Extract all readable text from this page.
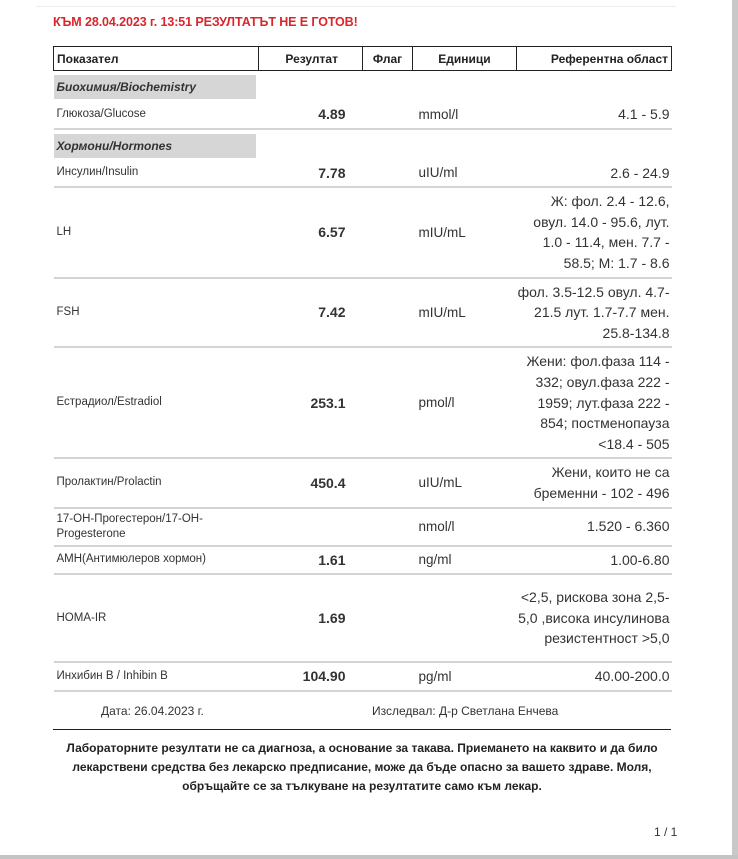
КЪМ 28.04.2023 г. 13:51 РЕЗУЛТАТЪТ НЕ Е ГОТОВ!
Показател	Резултат	Флаг	Единици	Референтна област

Биохимия/Biochemistry				

Глюкоза/Glucose	4.89		mmol/l	4.1 - 5.9

Хормони/Hormones				

Инсулин/Insulin	7.78		uIU/ml	2.6 - 24.9
LH	6.57		mIU/mL	Ж: фол. 2.4 - 12.6, овул. 14.0 - 95.6, лут. 1.0 - 11.4, мен. 7.7 - 58.5; М: 1.7 - 8.6
FSH	7.42		mIU/mL	фол. 3.5-12.5 овул. 4.7-21.5 лут. 1.7-7.7 мен. 25.8-134.8
Естрадиол/Estradiol	253.1		pmol/l	Жени: фол.фаза 114 - 332; овул.фаза 222 - 1959; лут.фаза 222 - 854; постменопауза <18.4 - 505
Пролактин/Prolactin	450.4		uIU/mL	Жени, които не са бременни - 102 - 496
17-ОН-Прогестерон/17-OH-Progesterone			nmol/l	1.520 - 6.360
АМН(Антимюлеров хормон)	1.61		ng/ml	1.00-6.80
HOMA-IR	1.69			<2,5, рискова зона 2,5-5,0 ,висока инсулинова резистентност >5,0
Инхибин В / Inhibin B	104.90		pg/ml	40.00-200.0
Дата: 26.04.2023 г.	Изследвал: Д-р Светлана Енчева
Лабораторните резултати не са диагноза, а основание за такава. Приемането на каквито и да било лекарствени средства без лекарско предписание, може да бъде опасно за вашето здраве. Моля, обръщайте се за тълкуване на резултатите само към лекар.
1 / 1
